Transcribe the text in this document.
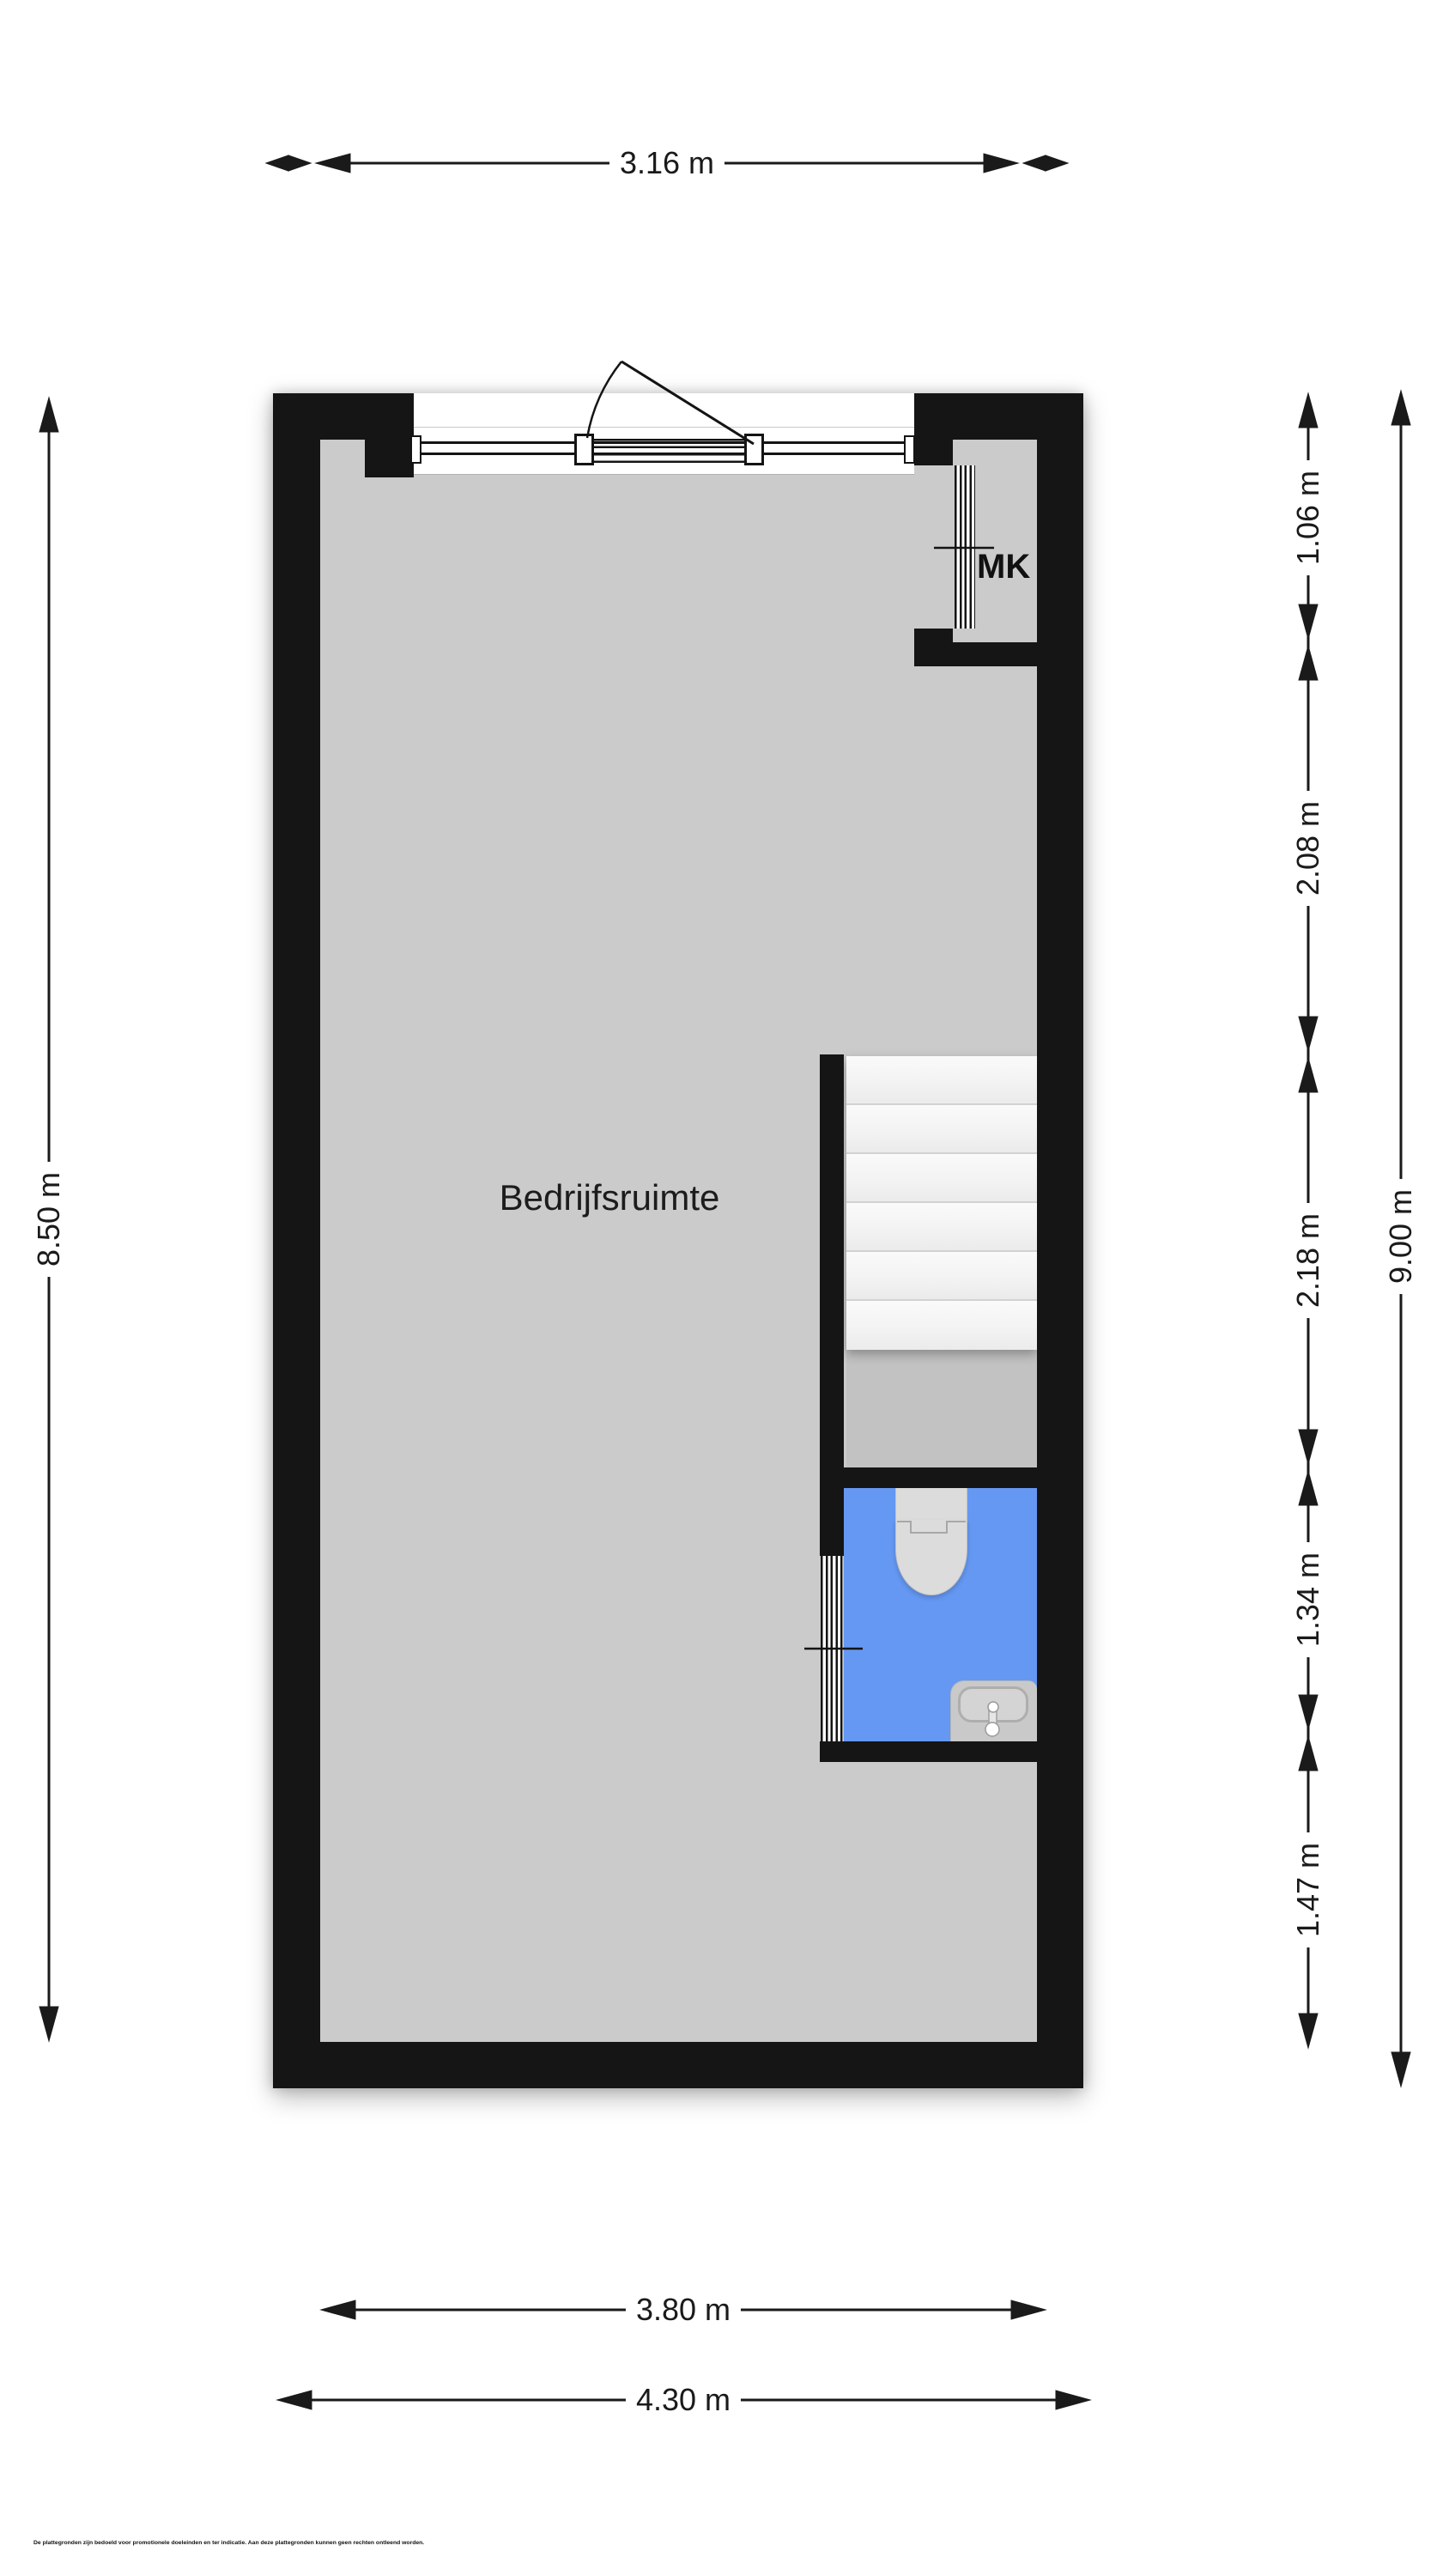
Bedrijfsruimte
MK
3.16 m
8.50 m	9.00 m
1.06 m
2.08 m
2.18 m
1.34 m
1.47 m
3.80 m
4.30 m
De plattegronden zijn bedoeld voor promotionele doeleinden en ter indicatie. Aan deze plattegronden kunnen geen rechten ontleend worden.
